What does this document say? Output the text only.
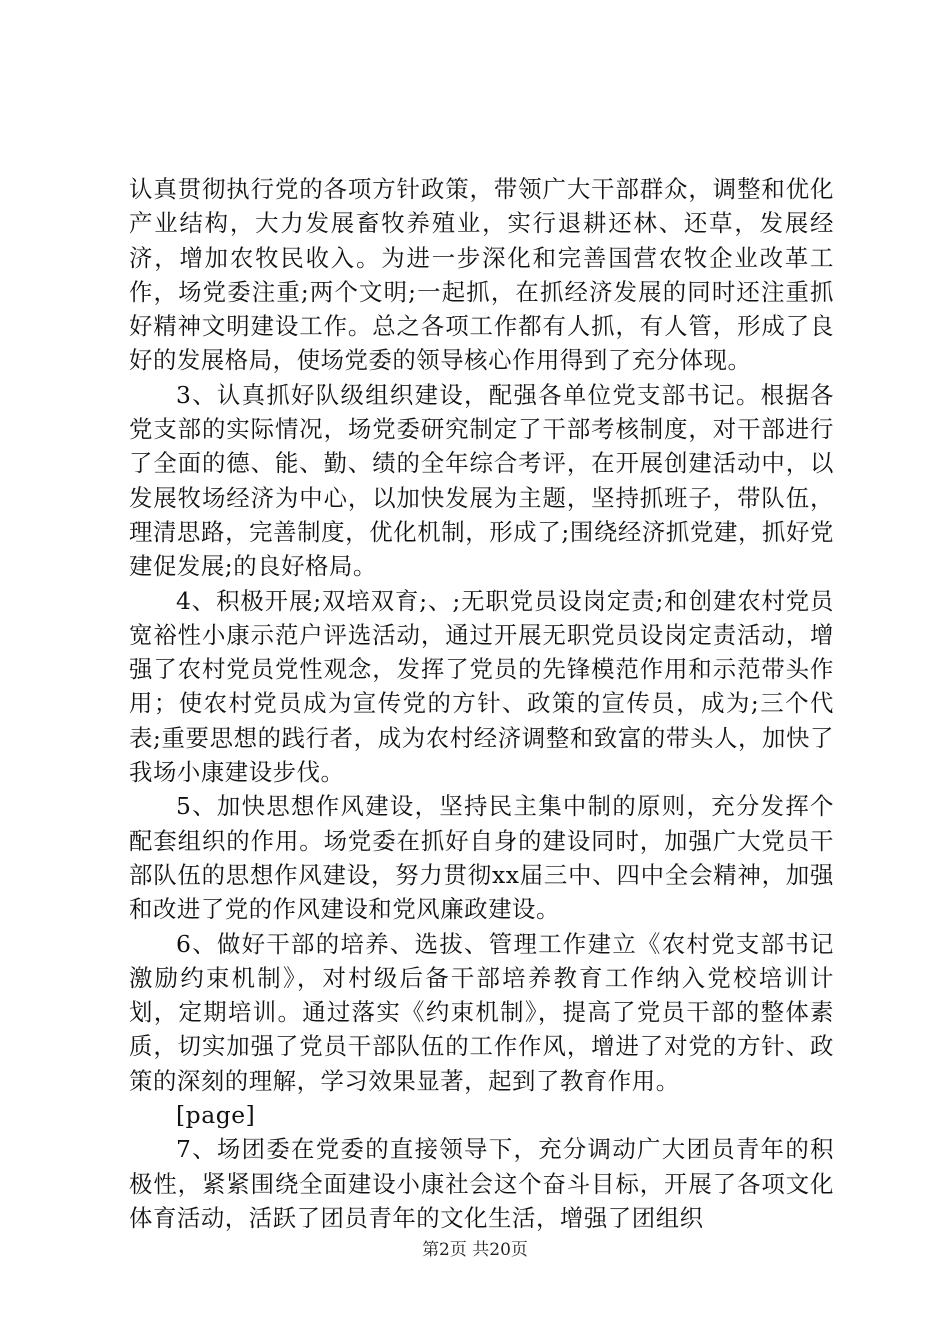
认真贯彻执行党的各项方针政策，带领广大干部群众，调整和优化产业结构，大力发展畜牧养殖业，实行退耕还林、还草，发展经济，增加农牧民收入。为进一步深化和完善国营农牧企业改革工作，场党委注重;两个文明;一起抓，在抓经济发展的同时还注重抓好精神文明建设工作。总之各项工作都有人抓，有人管，形成了良好的发展格局，使场党委的领导核心作用得到了充分体现。

3、认真抓好队级组织建设，配强各单位党支部书记。根据各党支部的实际情况，场党委研究制定了干部考核制度，对干部进行了全面的德、能、勤、绩的全年综合考评，在开展创建活动中，以发展牧场经济为中心，以加快发展为主题，坚持抓班子，带队伍，理清思路，完善制度，优化机制，形成了;围绕经济抓党建，抓好党建促发展;的良好格局。

4、积极开展;双培双育;、;无职党员设岗定责;和创建农村党员宽裕性小康示范户评选活动，通过开展无职党员设岗定责活动，增强了农村党员党性观念，发挥了党员的先锋模范作用和示范带头作用；使农村党员成为宣传党的方针、政策的宣传员，成为;三个代表;重要思想的践行者，成为农村经济调整和致富的带头人，加快了我场小康建设步伐。

5、加快思想作风建设，坚持民主集中制的原则，充分发挥个配套组织的作用。场党委在抓好自身的建设同时，加强广大党员干部队伍的思想作风建设，努力贯彻xx届三中、四中全会精神，加强和改进了党的作风建设和党风廉政建设。

6、做好干部的培养、选拔、管理工作建立《农村党支部书记激励约束机制》，对村级后备干部培养教育工作纳入党校培训计划，定期培训。通过落实《约束机制》，提高了党员干部的整体素质，切实加强了党员干部队伍的工作作风，增进了对党的方针、政策的深刻的理解，学习效果显著，起到了教育作用。

[page]

7、场团委在党委的直接领导下，充分调动广大团员青年的积极性，紧紧围绕全面建设小康社会这个奋斗目标，开展了各项文化体育活动，活跃了团员青年的文化生活，增强了团组织

第2页 共20页
